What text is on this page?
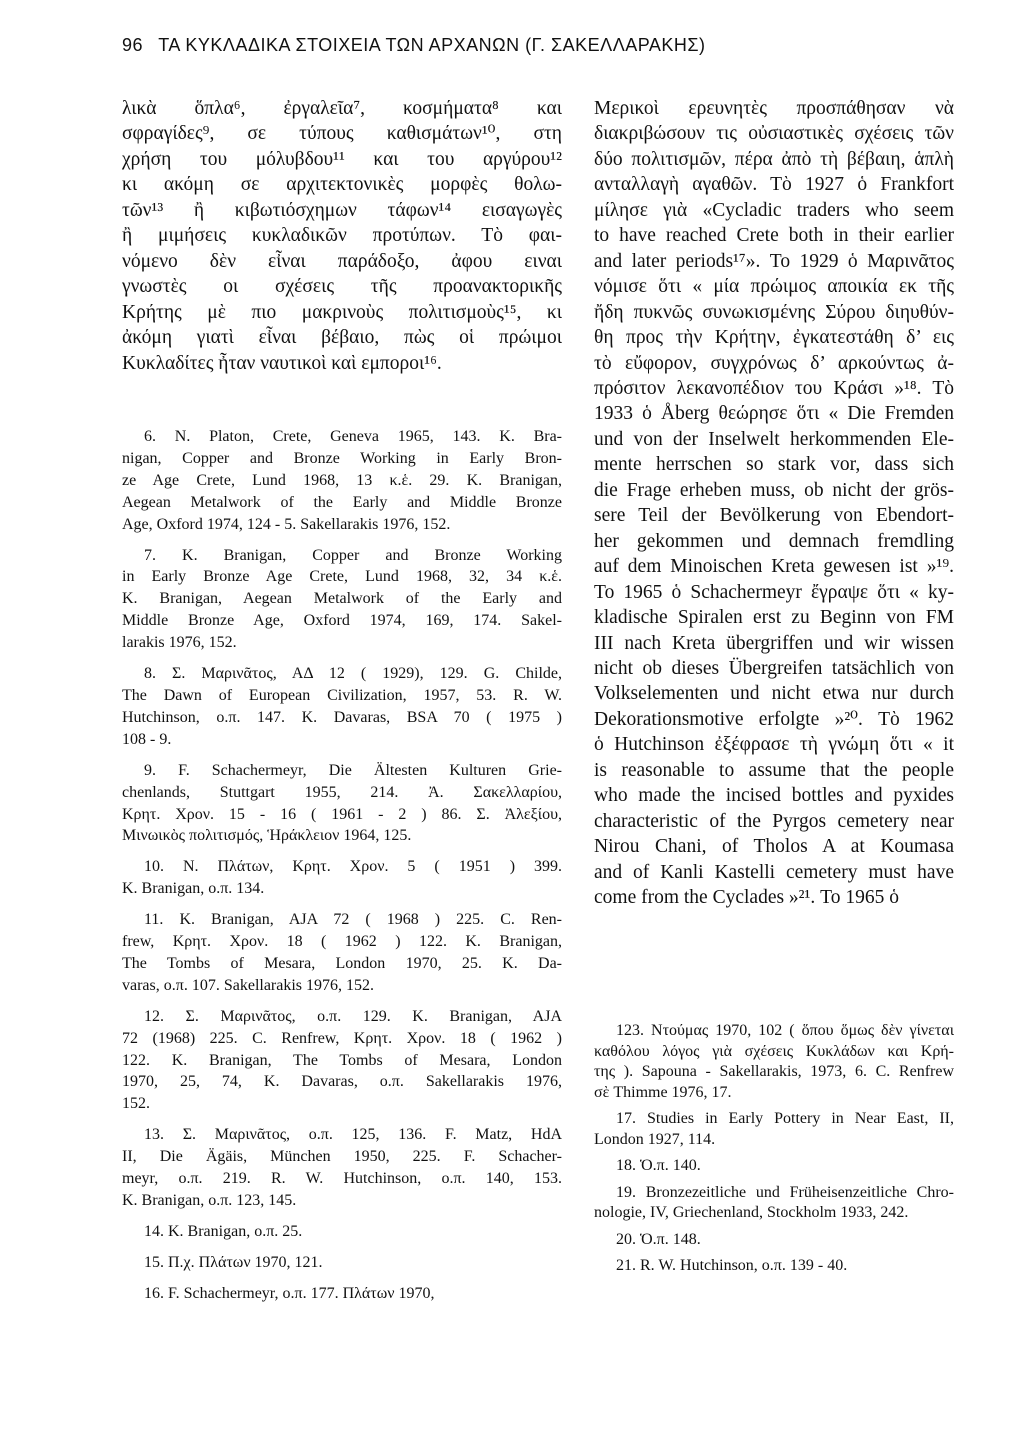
96 ΤΑ ΚΥΚΛΑΔΙΚΑ ΣΤΟΙΧΕΙΑ ΤΩΝ ΑΡΧΑΝΩΝ (Γ. ΣΑΚΕΛΛΑΡΑΚΗΣ)
λικὰ ὅπλα⁶, ἐργαλεῖα⁷, κοσμήματα⁸ και
σφραγίδες⁹, σε τύπους καθισμάτων¹⁰, στη
χρήση του μόλυβδου¹¹ και του αργύρου¹²
κι ακόμη σε αρχιτεκτονικὲς μορφὲς θολω-
τῶν¹³ ἢ κιβωτιόσχημων τάφων¹⁴ εισαγωγὲς
ἢ μιμήσεις κυκλαδικῶν προτύπων. Τὸ φαι-
νόμενο δὲν εἶναι παράδοξο, ἀφου ειναι
γνωστὲς οι σχέσεις τῆς προανακτορικῆς
Κρήτης μὲ πιο μακρινοὺς πολιτισμοὺς¹⁵, κι
ἀκόμη γιατὶ εἶναι βέβαιο, πὼς οἱ πρώιμοι
Κυκλαδίτες ἦταν ναυτικοὶ καὶ εμποροι¹⁶.
6. N. Platon, Crete, Geneva 1965, 143. K. Bra-
nigan, Copper and Bronze Working in Early Bron-
ze Age Crete, Lund 1968, 13 κ.ἑ. 29. K. Branigan,
Aegean Metalwork of the Early and Middle Bronze
Age, Oxford 1974, 124 - 5. Sakellarakis 1976, 152.
7. K. Branigan, Copper and Bronze Working
in Early Bronze Age Crete, Lund 1968, 32, 34 κ.ἑ.
K. Branigan, Aegean Metalwork of the Early and
Middle Bronze Age, Oxford 1974, 169, 174. Sakel-
larakis 1976, 152.
8. Σ. Μαρινᾶτος, ΑΔ 12 ( 1929), 129. G. Childe,
The Dawn of European Civilization, 1957, 53. R. W.
Hutchinson, ο.π. 147. K. Davaras, BSA 70 ( 1975 )
108 - 9.
9. F. Schachermeyr, Die Ältesten Kulturen Grie-
chenlands, Stuttgart 1955, 214. Ἀ. Σακελλαρίου,
Κρητ. Χρον. 15 - 16 ( 1961 - 2 ) 86. Σ. Ἀλεξίου,
Μινωικὸς πολιτισμός, Ἡράκλειον 1964, 125.
10. N. Πλάτων, Κρητ. Χρον. 5 ( 1951 ) 399.
K. Branigan, ο.π. 134.
11. K. Branigan, AJA 72 ( 1968 ) 225. C. Ren-
frew, Κρητ. Χρον. 18 ( 1962 ) 122. K. Branigan,
The Tombs of Mesara, London 1970, 25. K. Da-
varas, ο.π. 107. Sakellarakis 1976, 152.
12. Σ. Μαρινᾶτος, ο.π. 129. K. Branigan, AJA
72 (1968) 225. C. Renfrew, Κρητ. Χρον. 18 ( 1962 )
122. K. Branigan, The Tombs of Mesara, London
1970, 25, 74, K. Davaras, ο.π. Sakellarakis 1976,
152.
13. Σ. Μαρινᾶτος, ο.π. 125, 136. F. Matz, HdA
II, Die Ägäis, München 1950, 225. F. Schacher-
meyr, ο.π. 219. R. W. Hutchinson, ο.π. 140, 153.
K. Branigan, ο.π. 123, 145.
14. K. Branigan, ο.π. 25.
15. Π.χ. Πλάτων 1970, 121.
16. F. Schachermeyr, ο.π. 177. Πλάτων 1970,
Μερικοὶ ερευνητὲς προσπάθησαν νὰ
διακριβώσουν τις οὐσιαστικὲς σχέσεις τῶν
δύο πολιτισμῶν, πέρα ἀπὸ τὴ βέβαιη, ἁπλὴ
ανταλλαγὴ αγαθῶν. Τὸ 1927 ὁ Frankfort
μίλησε γιὰ «Cycladic traders who seem
to have reached Crete both in their earlier
and later periods¹⁷». Το 1929 ὁ Μαρινᾶτος
νόμισε ὅτι « μία πρώιμος αποικία εκ τῆς
ἤδη πυκνῶς συνωκισμένης Σύρου διηυθύν-
θη προς τὴν Κρήτην, ἐγκατεστάθη δ’ εις
τὸ εὔφορον, συγχρόνως δ’ αρκούντως ἀ-
πρόσιτον λεκανοπέδιον του Κράσι »¹⁸. Τὸ
1933 ὁ Åberg θεώρησε ὅτι « Die Fremden
und von der Inselwelt herkommenden Ele-
mente herrschen so stark vor, dass sich
die Frage erheben muss, ob nicht der grös-
sere Teil der Bevölkerung von Ebendort-
her gekommen und demnach fremdling
auf dem Minoischen Kreta gewesen ist »¹⁹.
Το 1965 ὁ Schachermeyr ἔγραψε ὅτι « ky-
kladische Spiralen erst zu Beginn von FM
III nach Kreta übergriffen und wir wissen
nicht ob dieses Übergreifen tatsächlich von
Volkselementen und nicht etwa nur durch
Dekorationsmotive erfolgte »²⁰. Τὸ 1962
ὁ Hutchinson ἐξέφρασε τὴ γνώμη ὅτι « it
is reasonable to assume that the people
who made the incised bottles and pyxides
characteristic of the Pyrgos cemetery near
Nirou Chani, of Tholos A at Koumasa
and of Kanli Kastelli cemetery must have
come from the Cyclades »²¹. Το 1965 ὁ
123. Ντούμας 1970, 102 ( ὅπου ὅμως δὲν γίνεται
καθόλου λόγος γιὰ σχέσεις Κυκλάδων και Κρή-
της ). Sapouna - Sakellarakis, 1973, 6. C. Renfrew
σὲ Thimme 1976, 17.
17. Studies in Early Pottery in Near East, II,
London 1927, 114.
18. Ὁ.π. 140.
19. Bronzezeitliche und Früheisenzeitliche Chro-
nologie, IV, Griechenland, Stockholm 1933, 242.
20. Ὁ.π. 148.
21. R. W. Hutchinson, ο.π. 139 - 40.
